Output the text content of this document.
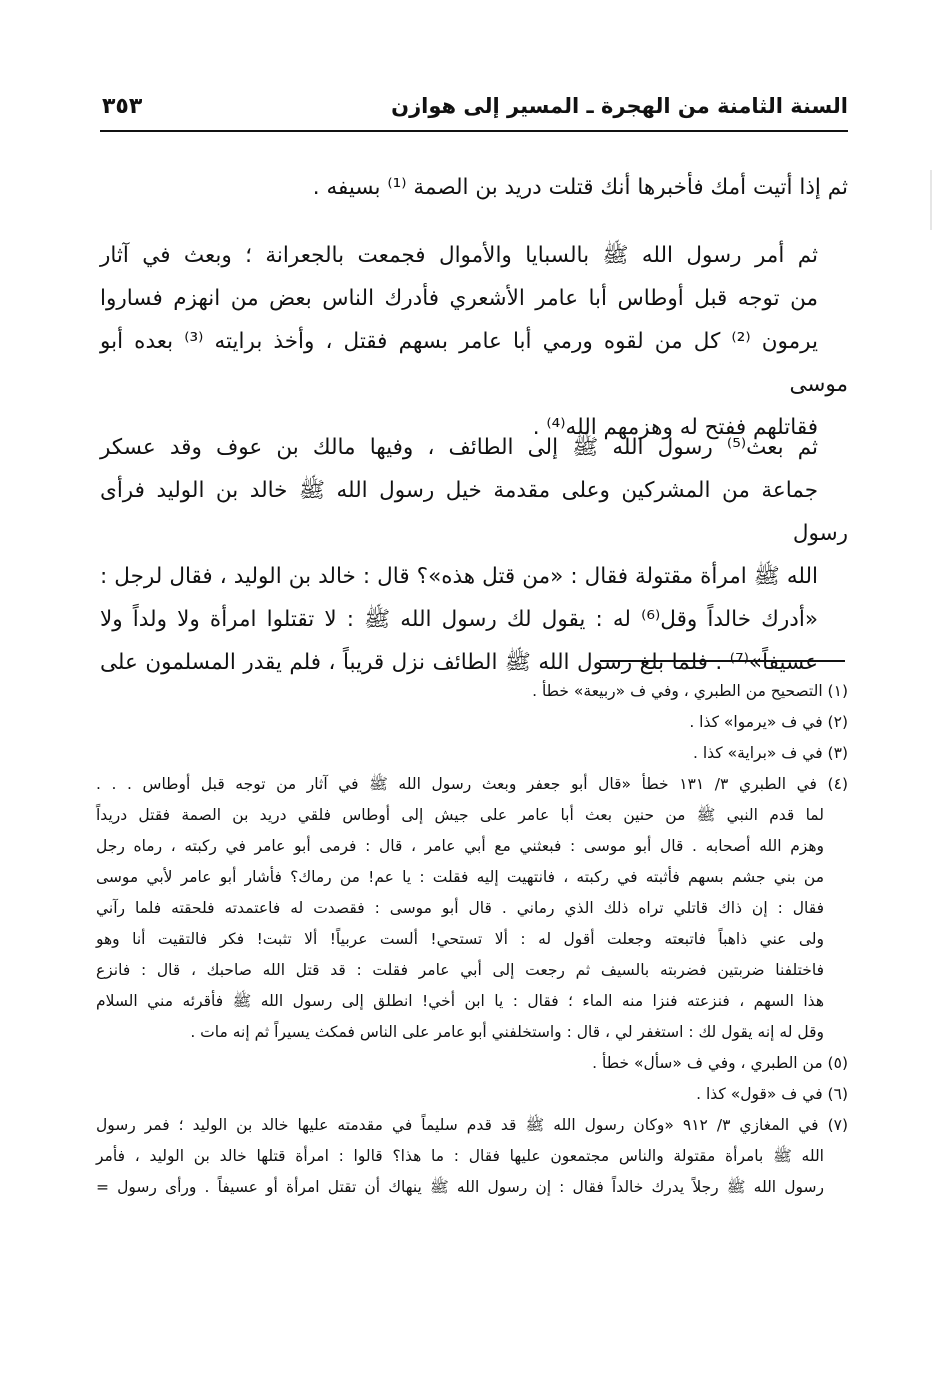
السنة الثامنة من الهجرة ـ المسير إلى هوازن
٣٥٣
ثم إذا أتيت أمك فأخبرها أنك قتلت دريد بن الصمة ⁽¹⁾ بسيفه .
ثم أمر رسول الله ﷺ بالسبايا والأموال فجمعت بالجعرانة ؛ وبعث في آثار
من توجه قبل أوطاس أبا عامر الأشعري فأدرك الناس بعض من انهزم فساروا
يرمون ⁽²⁾ كل من لقوه ورمي أبا عامر بسهم فقتل ، وأخذ برايته ⁽³⁾ بعده أبو موسى
فقاتلهم ففتح له وهزمهم الله⁽⁴⁾ .
ثم بعث⁽⁵⁾ رسول الله ﷺ إلى الطائف ، وفيها مالك بن عوف وقد عسكر
جماعة من المشركين وعلى مقدمة خيل رسول الله ﷺ خالد بن الوليد فرأى رسول
الله ﷺ امرأة مقتولة فقال : «من قتل هذه»؟ قال : خالد بن الوليد ، فقال لرجل :
«أدرك خالداً وقل⁽⁶⁾ له : يقول لك رسول الله ﷺ : لا تقتلوا امرأة ولا ولداً ولا
عسيفاً»⁽⁷⁾ . فلما بلغ رسول الله ﷺ الطائف نزل قريباً ، فلم يقدر المسلمون على
(١) التصحيح من الطبري ، وفي ف «ربيعة» خطأ .
(٢) في ف «يرموا» كذا .
(٣) في ف «براية» كذا .
(٤) في الطبري ٣/ ١٣١ خطأ «قال أبو جعفر وبعث رسول الله ﷺ في آثار من توجه قبل أوطاس . . .
لما قدم النبي ﷺ من حنين بعث أبا عامر على جيش إلى أوطاس فلقي دريد بن الصمة فقتل دريداً
وهزم الله أصحابه . قال أبو موسى : فبعثني مع أبي عامر ، قال : فرمى أبو عامر في ركبته ، رماه رجل
من بني جشم بسهم فأثبته في ركبته ، فانتهيت إليه فقلت : يا عم! من رماك؟ فأشار أبو عامر لأبي موسى
فقال : إن ذاك قاتلي تراه ذلك الذي رماني . قال أبو موسى : فقصدت له فاعتمدته فلحقته فلما رآني
ولى عني ذاهباً فاتبعته وجعلت أقول له : ألا تستحي! ألست عربياً! ألا تثبت! فكر فالتقيت أنا وهو
فاختلفنا ضربتين فضربته بالسيف ثم رجعت إلى أبي عامر فقلت : قد قتل الله صاحبك ، قال : فانزع
هذا السهم ، فنزعته فنزا منه الماء ؛ فقال : يا ابن أخي! انطلق إلى رسول الله ﷺ فأقرئه مني السلام
وقل له إنه يقول لك : استغفر لي ، قال : واستخلفني أبو عامر على الناس فمكث يسيراً ثم إنه مات .
(٥) من الطبري ، وفي ف «سأل» خطأ .
(٦) في ف «قول» كذا .
(٧) في المغازي ٣/ ٩١٢ «وكان رسول الله ﷺ قد قدم سليماً في مقدمته عليها خالد بن الوليد ؛ فمر رسول
الله ﷺ بامرأة مقتولة والناس مجتمعون عليها فقال : ما هذا؟ قالوا : امرأة قتلها خالد بن الوليد ، فأمر
رسول الله ﷺ رجلاً يدرك خالداً فقال : إن رسول الله ﷺ ينهاك أن تقتل امرأة أو عسيفاً . ورأى رسول =
